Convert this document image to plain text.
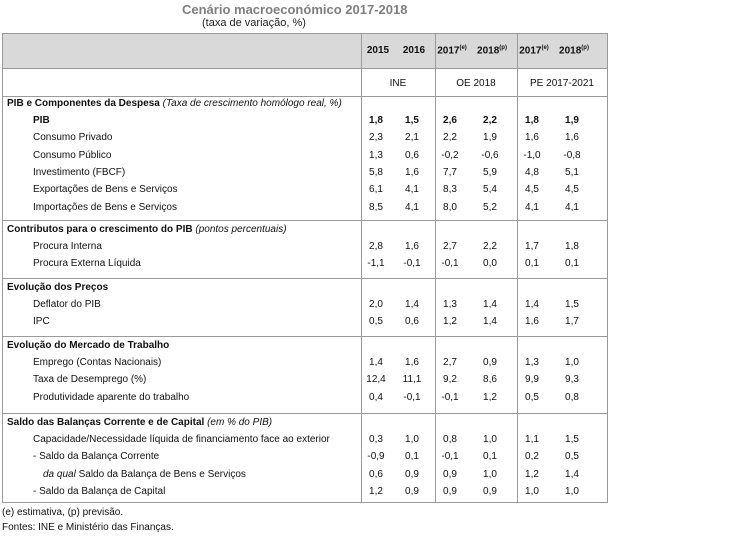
Cenário macroeconómico 2017-2018
(taxa de variação, %)
2015	2016	2017$^{(e)}$	2018$^{(p)}$	2017$^{(e)}$	2018$^{(p)}$
INE	OE 2018	PE 2017-2021
PIB e Componentes da Despesa (Taxa de crescimento homólogo real, %)
PIB	1,8	1,5	2,6	2,2	1,8	1,9
Consumo Privado	2,3	2,1	2,2	1,9	1,6	1,6
Consumo Público	1,3	0,6	-0,2	-0,6	-1,0	-0,8
Investimento (FBCF)	5,8	1,6	7,7	5,9	4,8	5,1
Exportações de Bens e Serviços	6,1	4,1	8,3	5,4	4,5	4,5
Importações de Bens e Serviços	8,5	4,1	8,0	5,2	4,1	4,1
Contributos para o crescimento do PIB (pontos percentuais)
Procura Interna	2,8	1,6	2,7	2,2	1,7	1,8
Procura Externa Líquida	-1,1	-0,1	-0,1	0,0	0,1	0,1
Evolução dos Preços
Deflator do PIB	2,0	1,4	1,3	1,4	1,4	1,5
IPC	0,5	0,6	1,2	1,4	1,6	1,7
Evolução do Mercado de Trabalho
Emprego (Contas Nacionais)	1,4	1,6	2,7	0,9	1,3	1,0
Taxa de Desemprego (%)	12,4	11,1	9,2	8,6	9,9	9,3
Produtividade aparente do trabalho	0,4	-0,1	-0,1	1,2	0,5	0,8
Saldo das Balanças Corrente e de Capital (em % do PIB)
Capacidade/Necessidade líquida de financiamento face ao exterior	0,3	1,0	0,8	1,0	1,1	1,5
- Saldo da Balança Corrente	-0,9	0,1	-0,1	0,1	0,2	0,5
da qual Saldo da Balança de Bens e Serviços	0,6	0,9	0,9	1,0	1,2	1,4
- Saldo da Balança de Capital	1,2	0,9	0,9	0,9	1,0	1,0
(e) estimativa, (p) previsão.
Fontes: INE e Ministério das Finanças.
